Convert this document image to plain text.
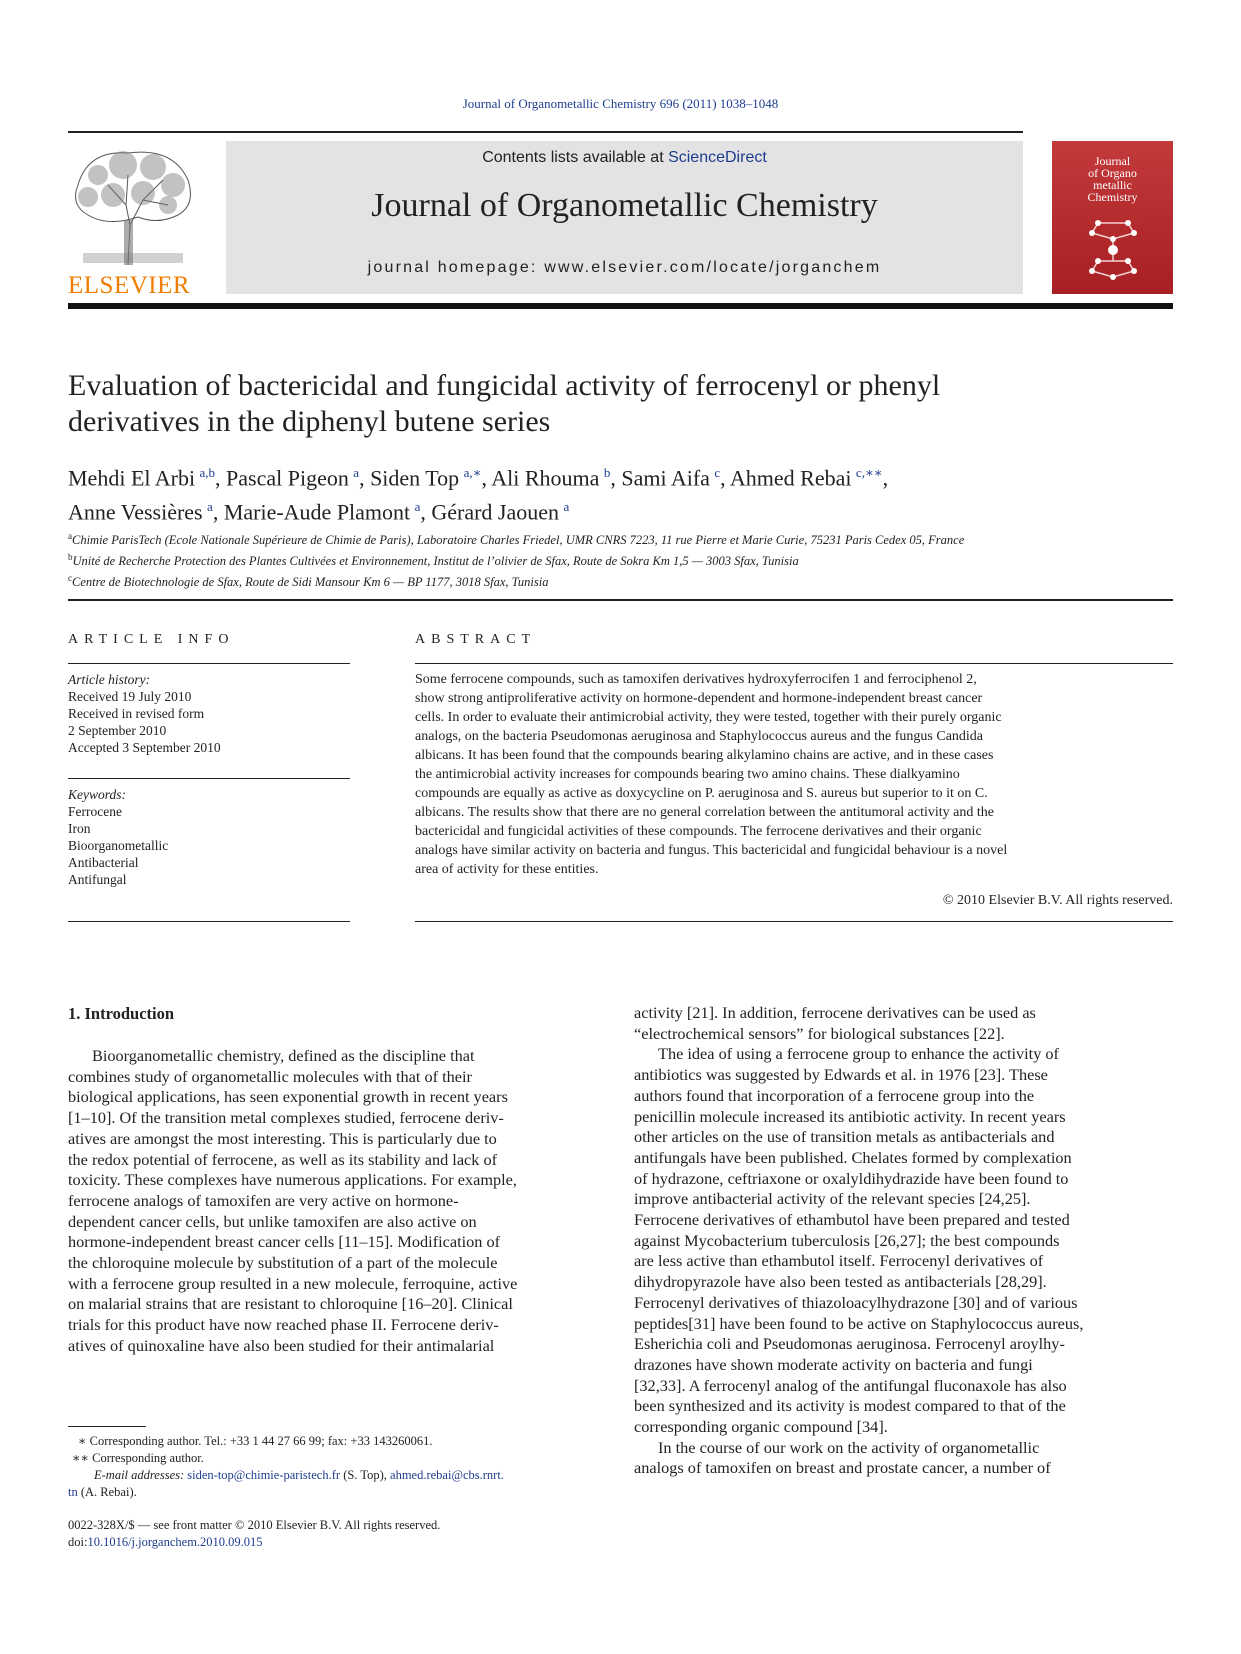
Journal of Organometallic Chemistry 696 (2011) 1038–1048
ELSEVIER
Contents lists available at ScienceDirect
Journal of Organometallic Chemistry
journal homepage: www.elsevier.com/locate/jorganchem
Journal
of Organo
metallic
Chemistry
Evaluation of bactericidal and fungicidal activity of ferrocenyl or phenyl
derivatives in the diphenyl butene series
Mehdi El Arbi  $^{a,b}$, Pascal Pigeon  $^a$, Siden Top  $^{a,∗}$, Ali Rhouma  $^b$, Sami Aifa  $^c$, Ahmed Rebai  $^{c,∗∗}$,
Anne Vessières  $^a$, Marie-Aude Plamont  $^a$, Gérard Jaouen  $^a$
$^a$Chimie ParisTech (Ecole Nationale Supérieure de Chimie de Paris), Laboratoire Charles Friedel, UMR CNRS 7223, 11 rue Pierre et Marie Curie, 75231 Paris Cedex 05, France
$^b$Unité de Recherche Protection des Plantes Cultivées et Environnement, Institut de l’olivier de Sfax, Route de Sokra Km 1,5 — 3003 Sfax, Tunisia
$^c$Centre de Biotechnologie de Sfax, Route de Sidi Mansour Km 6 — BP 1177, 3018 Sfax, Tunisia
ARTICLE INFO
Article history:
Received 19 July 2010
Received in revised form
2 September 2010
Accepted 3 September 2010
Keywords:
Ferrocene
Iron
Bioorganometallic
Antibacterial
Antifungal
ABSTRACT
Some ferrocene compounds, such as tamoxifen derivatives hydroxyferrocifen 1 and ferrociphenol 2,
show strong antiproliferative activity on hormone-dependent and hormone-independent breast cancer
cells. In order to evaluate their antimicrobial activity, they were tested, together with their purely organic
analogs, on the bacteria Pseudomonas aeruginosa and Staphylococcus aureus and the fungus Candida
albicans. It has been found that the compounds bearing alkylamino chains are active, and in these cases
the antimicrobial activity increases for compounds bearing two amino chains. These dialkyamino
compounds are equally as active as doxycycline on P. aeruginosa and S. aureus but superior to it on C.
albicans. The results show that there are no general correlation between the antitumoral activity and the
bactericidal and fungicidal activities of these compounds. The ferrocene derivatives and their organic
analogs have similar activity on bacteria and fungus. This bactericidal and fungicidal behaviour is a novel
area of activity for these entities.
© 2010 Elsevier B.V. All rights reserved.
1. Introduction
Bioorganometallic chemistry, defined as the discipline that
combines study of organometallic molecules with that of their
biological applications, has seen exponential growth in recent years
[1–10]. Of the transition metal complexes studied, ferrocene deriv-
atives are amongst the most interesting. This is particularly due to
the redox potential of ferrocene, as well as its stability and lack of
toxicity. These complexes have numerous applications. For example,
ferrocene analogs of tamoxifen are very active on hormone-
dependent cancer cells, but unlike tamoxifen are also active on
hormone-independent breast cancer cells [11–15]. Modification of
the chloroquine molecule by substitution of a part of the molecule
with a ferrocene group resulted in a new molecule, ferroquine, active
on malarial strains that are resistant to chloroquine [16–20]. Clinical
trials for this product have now reached phase II. Ferrocene deriv-
atives of quinoxaline have also been studied for their antimalarial
activity [21]. In addition, ferrocene derivatives can be used as
“electrochemical sensors” for biological substances [22].
The idea of using a ferrocene group to enhance the activity of
antibiotics was suggested by Edwards et al. in 1976 [23]. These
authors found that incorporation of a ferrocene group into the
penicillin molecule increased its antibiotic activity. In recent years
other articles on the use of transition metals as antibacterials and
antifungals have been published. Chelates formed by complexation
of hydrazone, ceftriaxone or oxalyldihydrazide have been found to
improve antibacterial activity of the relevant species [24,25].
Ferrocene derivatives of ethambutol have been prepared and tested
against Mycobacterium tuberculosis [26,27]; the best compounds
are less active than ethambutol itself. Ferrocenyl derivatives of
dihydropyrazole have also been tested as antibacterials [28,29].
Ferrocenyl derivatives of thiazoloacylhydrazone [30] and of various
peptides[31] have been found to be active on Staphylococcus aureus,
Esherichia coli and Pseudomonas aeruginosa. Ferrocenyl aroylhy-
drazones have shown moderate activity on bacteria and fungi
[32,33]. A ferrocenyl analog of the antifungal fluconaxole has also
been synthesized and its activity is modest compared to that of the
corresponding organic compound [34].
In the course of our work on the activity of organometallic
analogs of tamoxifen on breast and prostate cancer, a number of
∗ Corresponding author. Tel.: +33 1 44 27 66 99; fax: +33 143260061.
∗∗ Corresponding author.
E-mail addresses: siden-top@chimie-paristech.fr (S. Top), ahmed.rebai@cbs.rnrt.
tn (A. Rebai).
0022-328X/$ — see front matter © 2010 Elsevier B.V. All rights reserved.
doi:10.1016/j.jorganchem.2010.09.015
